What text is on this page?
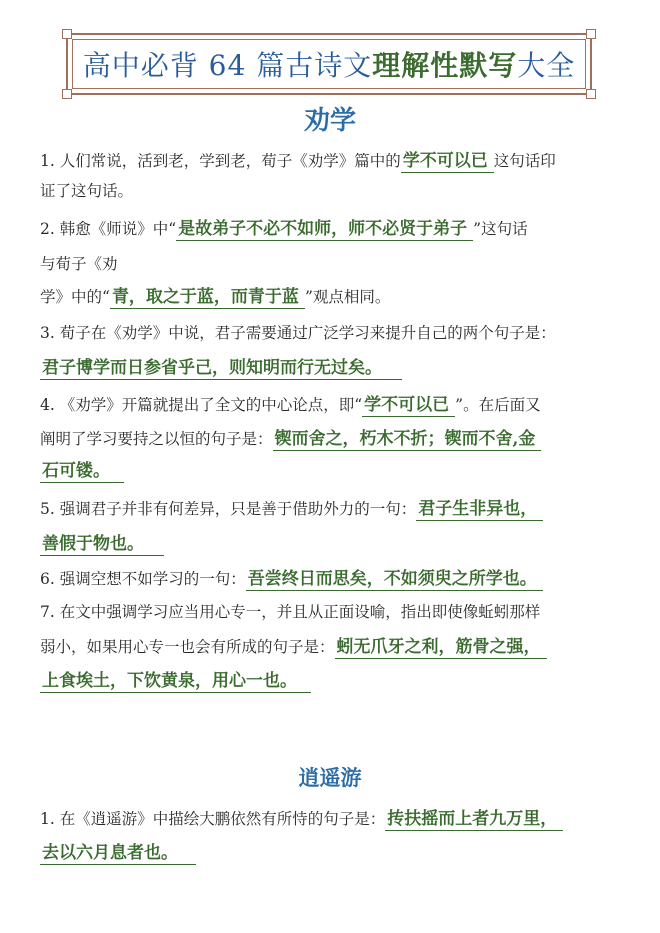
高中必背 64 篇古诗文理解性默写大全
劝学
1. 人们常说，活到老，学到老，荀子《劝学》篇中的 学不可以已 这句话印
证了这句话。
2. 韩愈《师说》中“ 是故弟子不必不如师，师不必贤于弟子 ”这句话
与荀子《劝
学》中的“ 青，取之于蓝，而青于蓝 ”观点相同。
3. 荀子在《劝学》中说，君子需要通过广泛学习来提升自己的两个句子是：
君子博学而日参省乎己，则知明而行无过矣。
4. 《劝学》开篇就提出了全文的中心论点，即“ 学不可以已 ”。在后面又
阐明了学习要持之以恒的句子是： 锲而舍之，朽木不折；锲而不舍,金
石可镂。
5. 强调君子并非有何差异，只是善于借助外力的一句： 君子生非异也，
善假于物也。
6. 强调空想不如学习的一句： 吾尝终日而思矣，不如须臾之所学也。
7. 在文中强调学习应当用心专一，并且从正面设喻，指出即使像蚯蚓那样
弱小，如果用心专一也会有所成的句子是： 蚓无爪牙之利，筋骨之强，
上食埃土，下饮黄泉，用心一也。
逍遥游
1. 在《逍遥游》中描绘大鹏依然有所恃的句子是： 抟扶摇而上者九万里，
去以六月息者也。
